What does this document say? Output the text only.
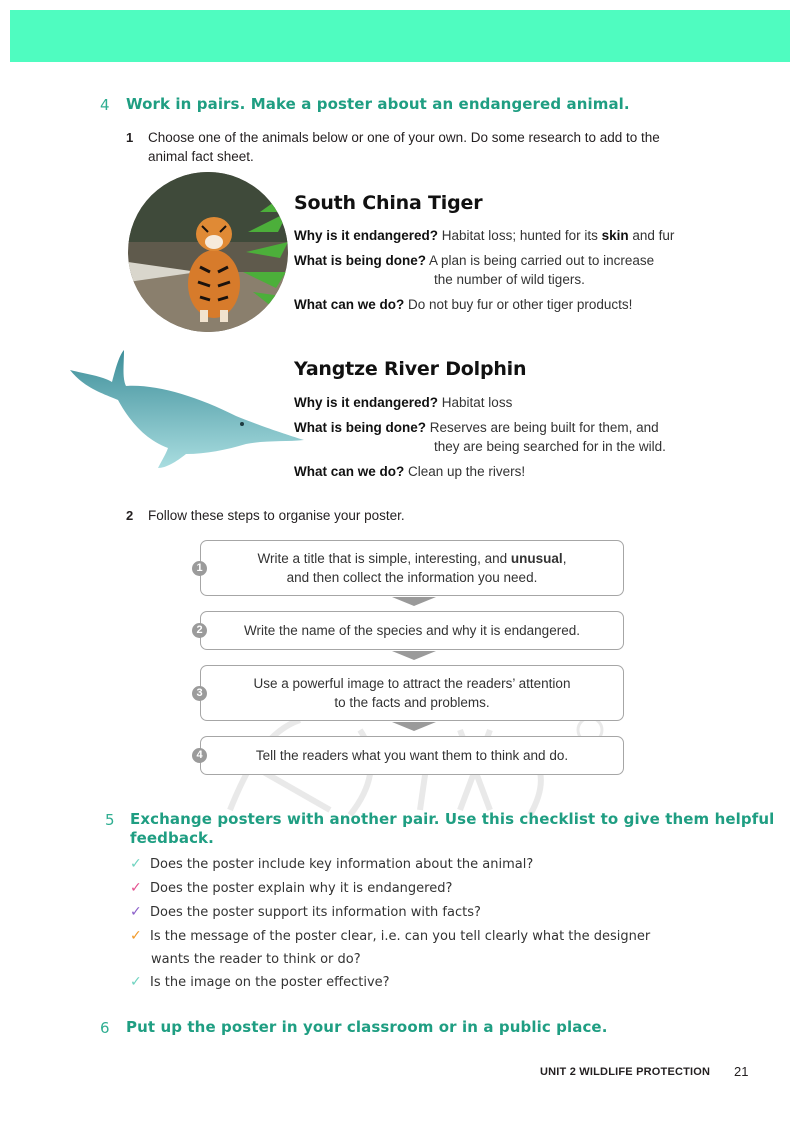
4 Work in pairs. Make a poster about an endangered animal.
1 Choose one of the animals below or one of your own. Do some research to add to the
animal fact sheet.
South China Tiger
Why is it endangered? Habitat loss; hunted for its skin and fur
What is being done? A plan is being carried out to increase
the number of wild tigers.
What can we do? Do not buy fur or other tiger products!
Yangtze River Dolphin
Why is it endangered? Habitat loss
What is being done? Reserves are being built for them, and
they are being searched for in the wild.
What can we do? Clean up the rivers!
2 Follow these steps to organise your poster.
Write a title that is simple, interesting, and unusual,
and then collect the information you need.
1
Write the name of the species and why it is endangered.
2
Use a powerful image to attract the readers’ attention
to the facts and problems.
3
Tell the readers what you want them to think and do.
4
5 Exchange posters with another pair. Use this checklist to give them helpful
feedback.
✓ Does the poster include key information about the animal?
✓ Does the poster explain why it is endangered?
✓ Does the poster support its information with facts?
✓ Is the message of the poster clear, i.e. can you tell clearly what the designer
wants the reader to think or do?
✓ Is the image on the poster effective?
6 Put up the poster in your classroom or in a public place.
UNIT 2 WILDLIFE PROTECTION 21
